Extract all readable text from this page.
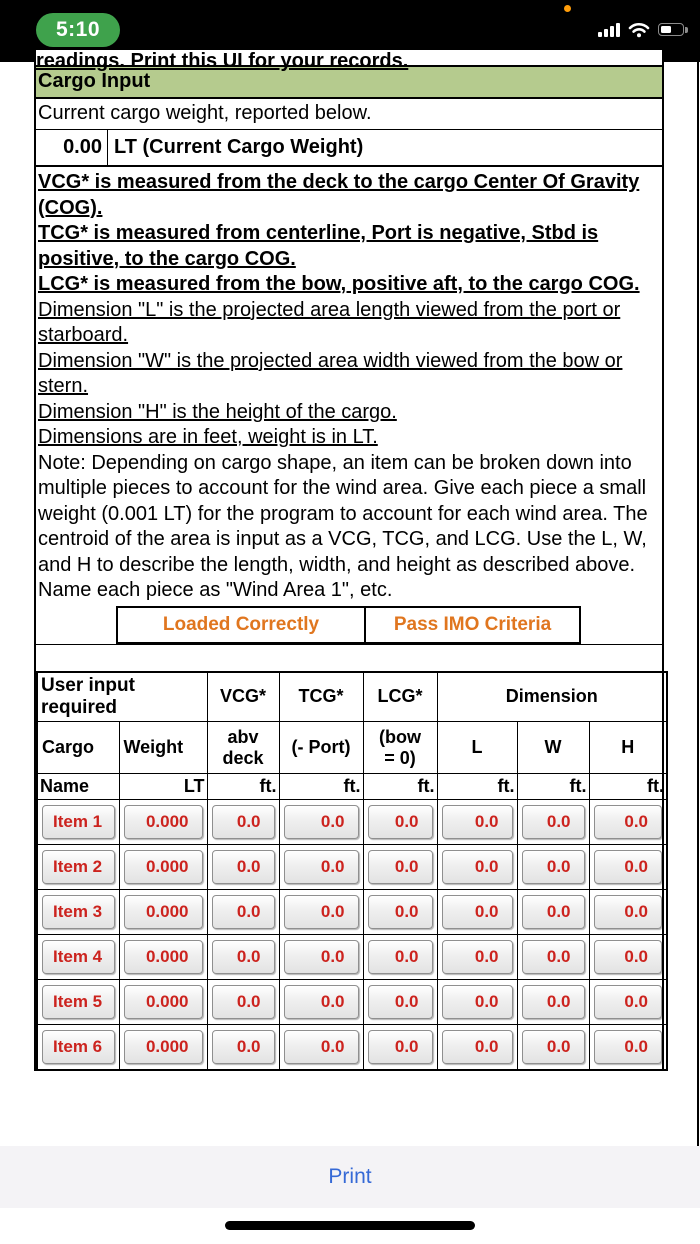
5:10
readings. Print this UI for your records.
Cargo Input
Current cargo weight, reported below.
0.00 LT (Current Cargo Weight)
VCG* is measured from the deck to the cargo Center Of Gravity (COG).
TCG* is measured from centerline, Port is negative, Stbd is positive, to the cargo COG.
LCG* is measured from the bow, positive aft, to the cargo COG.
Dimension "L" is the projected area length viewed from the port or starboard.
Dimension "W" is the projected area width viewed from the bow or stern.
Dimension "H" is the height of the cargo.
Dimensions are in feet, weight is in LT.
Note: Depending on cargo shape, an item can be broken down into multiple pieces to account for the wind area. Give each piece a small weight (0.001 LT) for the program to account for each wind area. The centroid of the area is input as a VCG, TCG, and LCG. Use the L, W, and H to describe the length, width, and height as described above. Name each piece as "Wind Area 1", etc.
Loaded Correctly	Pass IMO Criteria
User input required		VCG*	TCG*	LCG*	Dimension		
Cargo	Weight	abv deck	(- Port)	(bow = 0)	L	W	H
Name	LT	ft.	ft.	ft.	ft.	ft.	ft.

Item 1	0.000	0.0	0.0	0.0	0.0	0.0	0.0

Item 2	0.000	0.0	0.0	0.0	0.0	0.0	0.0

Item 3	0.000	0.0	0.0	0.0	0.0	0.0	0.0

Item 4	0.000	0.0	0.0	0.0	0.0	0.0	0.0

Item 5	0.000	0.0	0.0	0.0	0.0	0.0	0.0

Item 6	0.000	0.0	0.0	0.0	0.0	0.0	0.0
Print
